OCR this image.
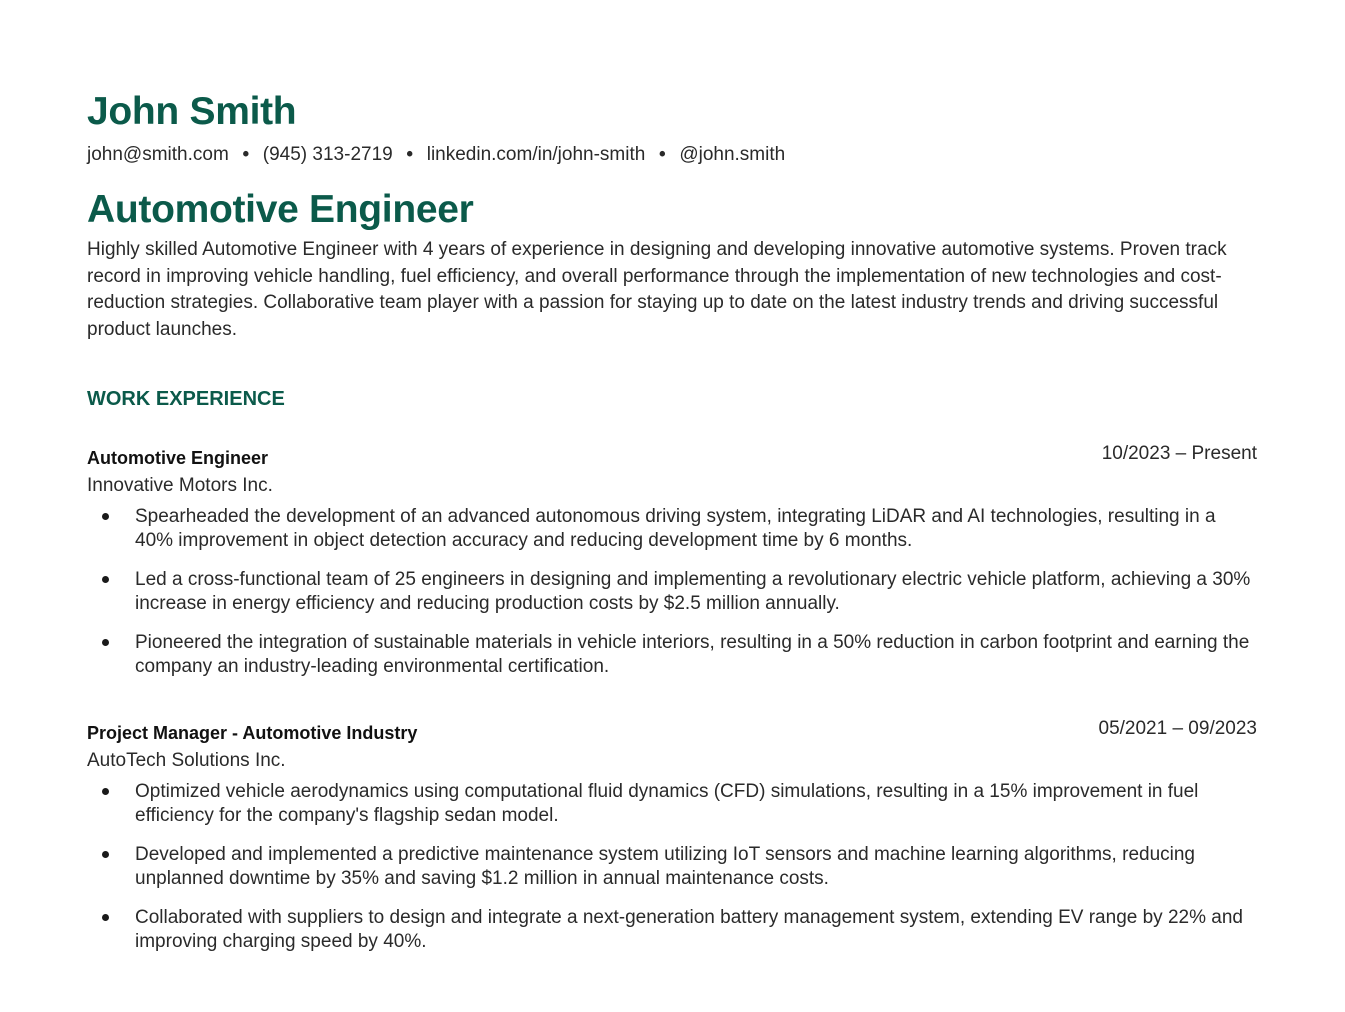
John Smith
john@smith.com • (945) 313-2719 • linkedin.com/in/john-smith • @john.smith
Automotive Engineer
Highly skilled Automotive Engineer with 4 years of experience in designing and developing innovative automotive systems. Proven track record in improving vehicle handling, fuel efficiency, and overall performance through the implementation of new technologies and cost-reduction strategies. Collaborative team player with a passion for staying up to date on the latest industry trends and driving successful product launches.
WORK EXPERIENCE
Automotive Engineer	10/2023 – Present
Innovative Motors Inc.
Spearheaded the development of an advanced autonomous driving system, integrating LiDAR and AI technologies, resulting in a 40% improvement in object detection accuracy and reducing development time by 6 months.
Led a cross-functional team of 25 engineers in designing and implementing a revolutionary electric vehicle platform, achieving a 30% increase in energy efficiency and reducing production costs by $2.5 million annually.
Pioneered the integration of sustainable materials in vehicle interiors, resulting in a 50% reduction in carbon footprint and earning the company an industry-leading environmental certification.
Project Manager - Automotive Industry	05/2021 – 09/2023
AutoTech Solutions Inc.
Optimized vehicle aerodynamics using computational fluid dynamics (CFD) simulations, resulting in a 15% improvement in fuel efficiency for the company's flagship sedan model.
Developed and implemented a predictive maintenance system utilizing IoT sensors and machine learning algorithms, reducing unplanned downtime by 35% and saving $1.2 million in annual maintenance costs.
Collaborated with suppliers to design and integrate a next-generation battery management system, extending EV range by 22% and improving charging speed by 40%.
